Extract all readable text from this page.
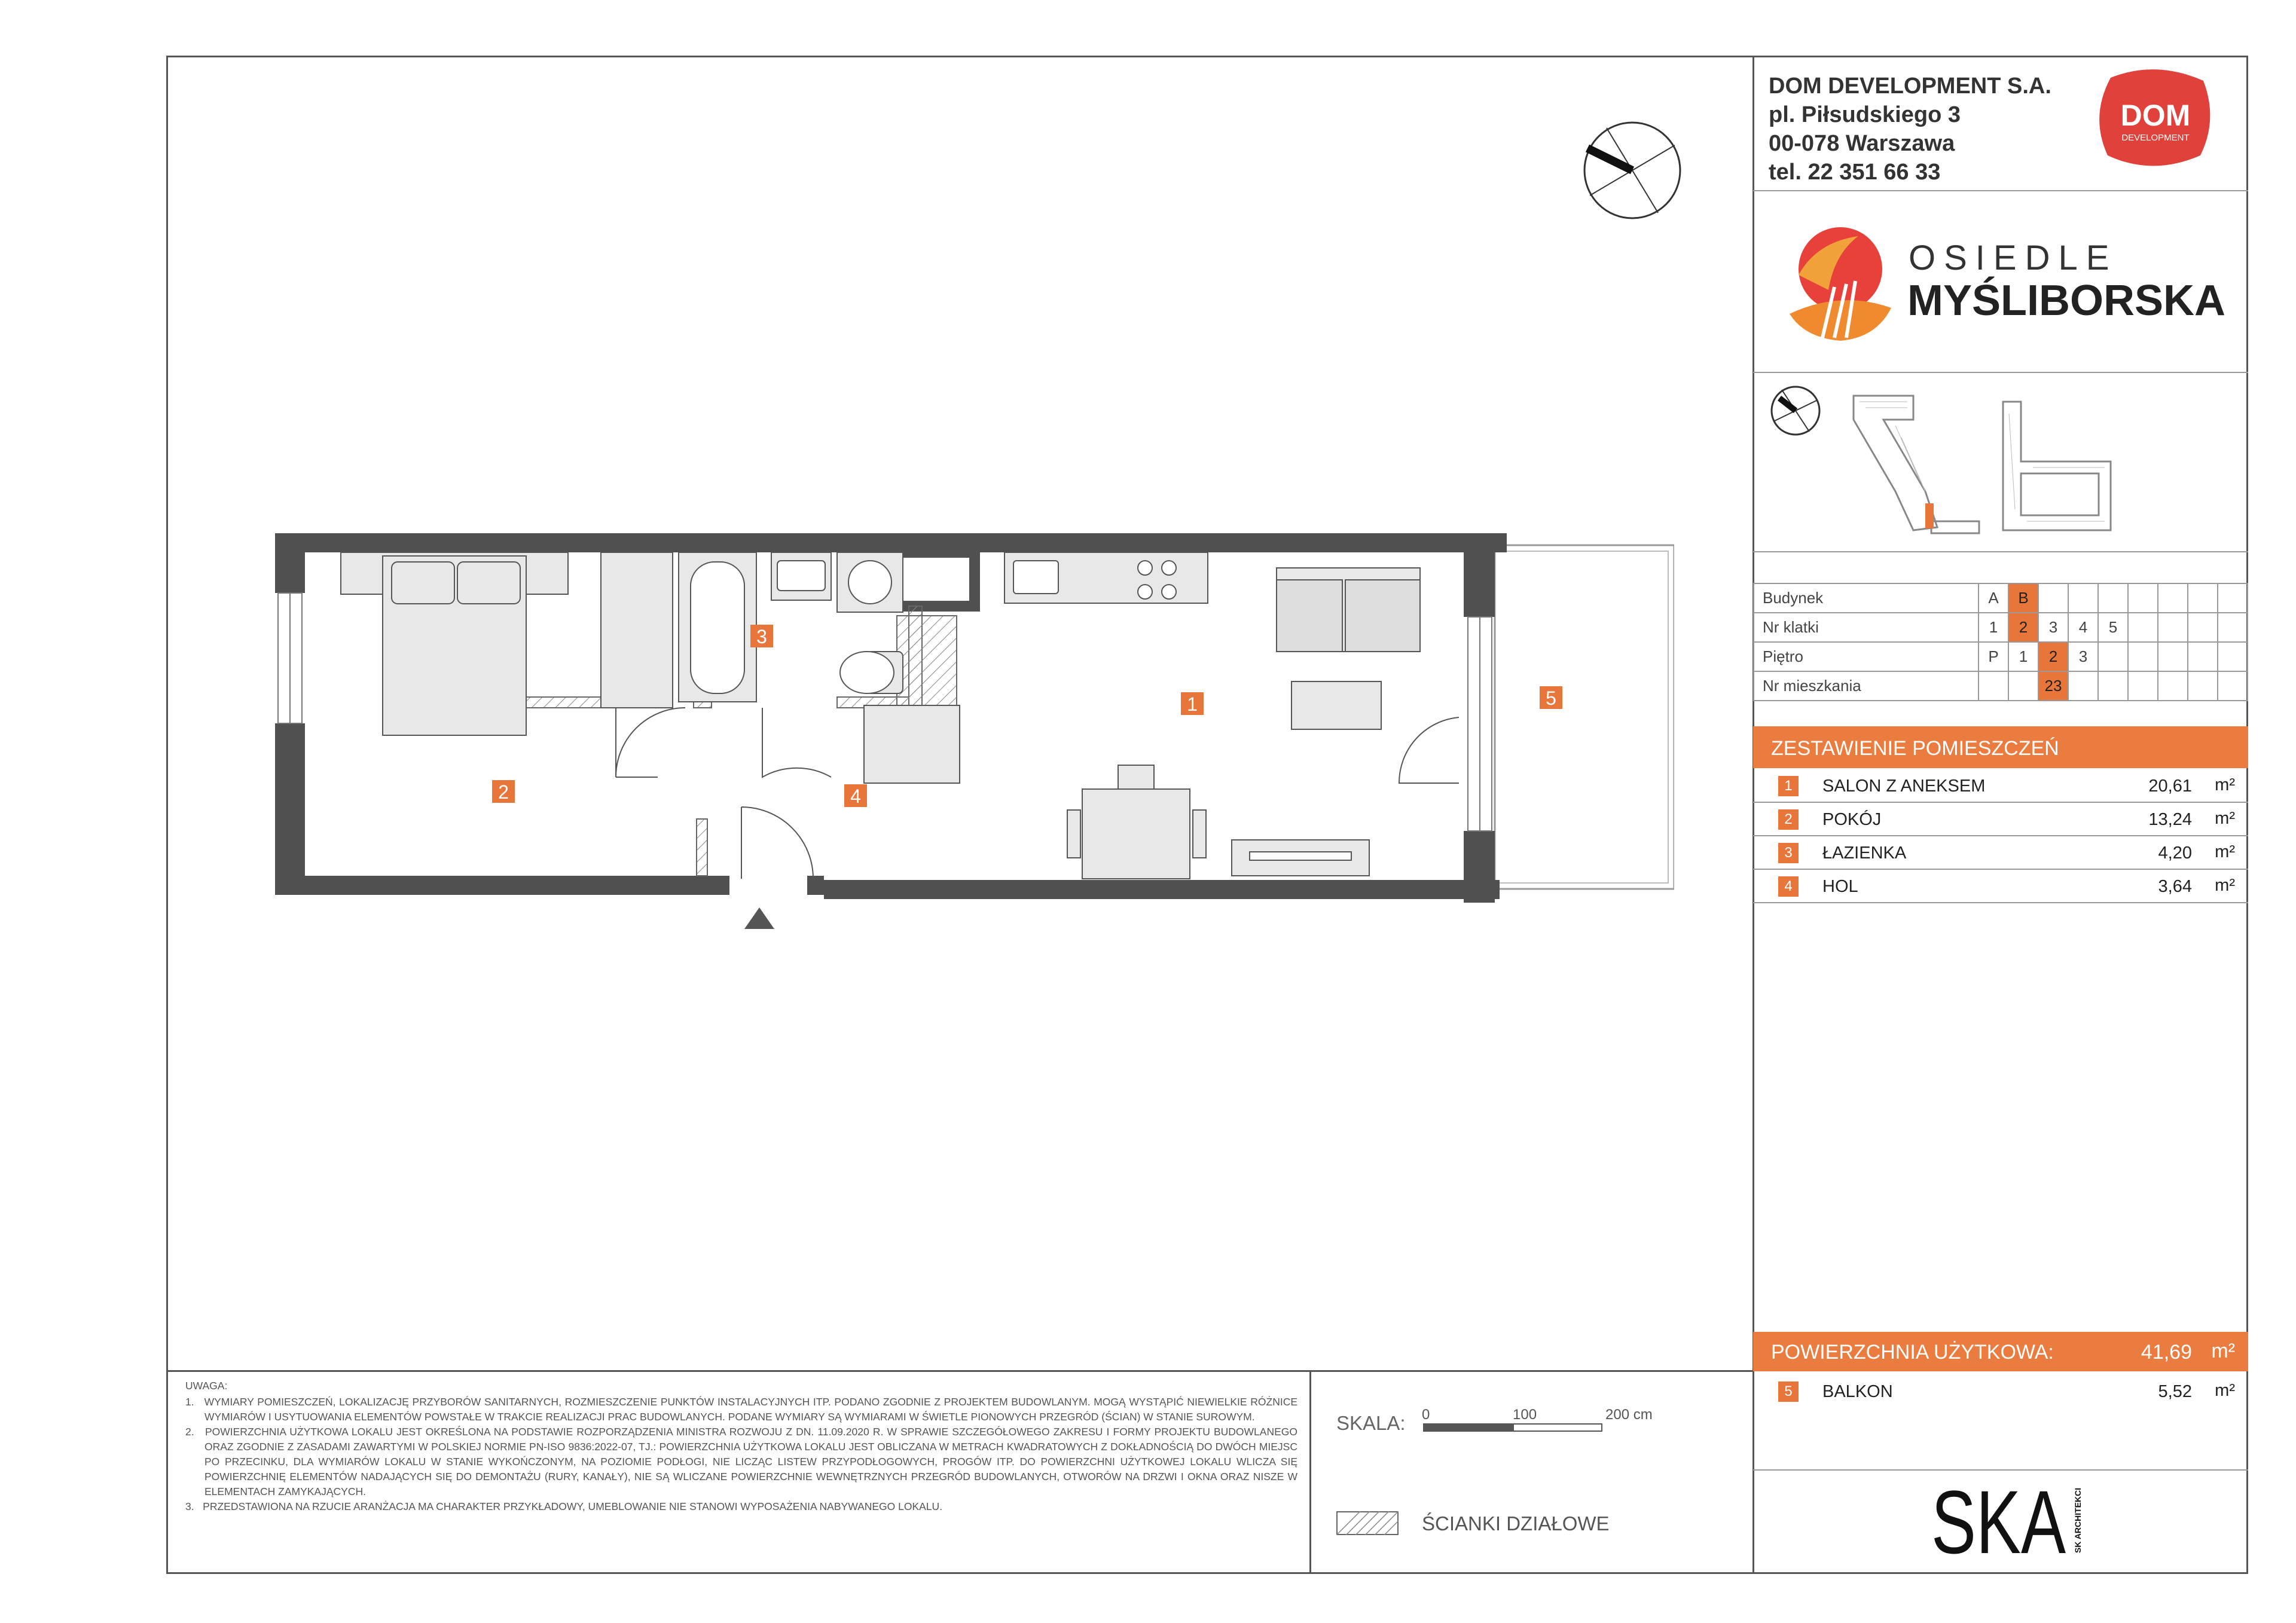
DOM DEVELOPMENT S.A.
pl. Piłsudskiego 3
00-078 Warszawa
tel. 22 351 66 33
DOM
DEVELOPMENT
OSIEDLE
MYŚLIBORSKA
Budynek	A	B							
Nr klatki	1	2	3	4	5				
Piętro	P	1	2	3					
Nr mieszkania			23						
ZESTAWIENIE POMIESZCZEŃ
1	SALON Z ANEKSEM	20,61 m²
2	POKÓJ	13,24 m²
3	ŁAZIENKA	4,20 m²
4	HOL	3,64 m²
POWIERZCHNIA UŻYTKOWA:	41,69 m²
5	BALKON	5,52 m²
SKA SK ARCHITEKCI
UWAGA:

1.   WYMIARY POMIESZCZEŃ, LOKALIZACJĘ PRZYBORÓW SANITARNYCH, ROZMIESZCZENIE PUNKTÓW INSTALACYJNYCH ITP. PODANO ZGODNIE Z PROJEKTEM BUDOWLANYM. MOGĄ WYSTĄPIĆ NIEWIELKIE RÓŻNICE WYMIARÓW I USYTUOWANIA ELEMENTÓW POWSTAŁE W TRAKCIE REALIZACJI PRAC BUDOWLANYCH. PODANE WYMIARY SĄ WYMIARAMI W ŚWIETLE PIONOWYCH PRZEGRÓD (ŚCIAN) W STANIE SUROWYM.

2.   POWIERZCHNIA UŻYTKOWA LOKALU JEST OKREŚLONA NA PODSTAWIE ROZPORZĄDZENIA MINISTRA ROZWOJU Z DN. 11.09.2020 R. W SPRAWIE SZCZEGÓŁOWEGO ZAKRESU I FORMY PROJEKTU BUDOWLANEGO ORAZ ZGODNIE Z ZASADAMI ZAWARTYMI W POLSKIEJ NORMIE PN-ISO 9836:2022-07, TJ.: POWIERZCHNIA UŻYTKOWA LOKALU JEST OBLICZANA W METRACH KWADRATOWYCH Z DOKŁADNOŚCIĄ DO DWÓCH MIEJSC PO PRZECINKU, DLA WYMIARÓW LOKALU W STANIE WYKOŃCZONYM, NA POZIOMIE PODŁOGI, NIE LICZĄC LISTEW PRZYPODŁOGOWYCH, PROGÓW ITP. DO POWIERZCHNI UŻYTKOWEJ LOKALU WLICZA SIĘ POWIERZCHNIĘ ELEMENTÓW NADAJĄCYCH SIĘ DO DEMONTAŻU (RURY, KANAŁY), NIE SĄ WLICZANE POWIERZCHNIE WEWNĘTRZNYCH PRZEGRÓD BUDOWLANYCH, OTWORÓW NA DRZWI I OKNA ORAZ NISZE W ELEMENTACH ZAMYKAJĄCYCH.

3.   PRZEDSTAWIONA NA RZUCIE ARANŻACJA MA CHARAKTER PRZYKŁADOWY, UMEBLOWANIE NIE STANOWI WYPOSAŻENIA NABYWANEGO LOKALU.

SKALA: 0	100	200 cm
ŚCIANKI DZIAŁOWE
1
2
3
4
5
